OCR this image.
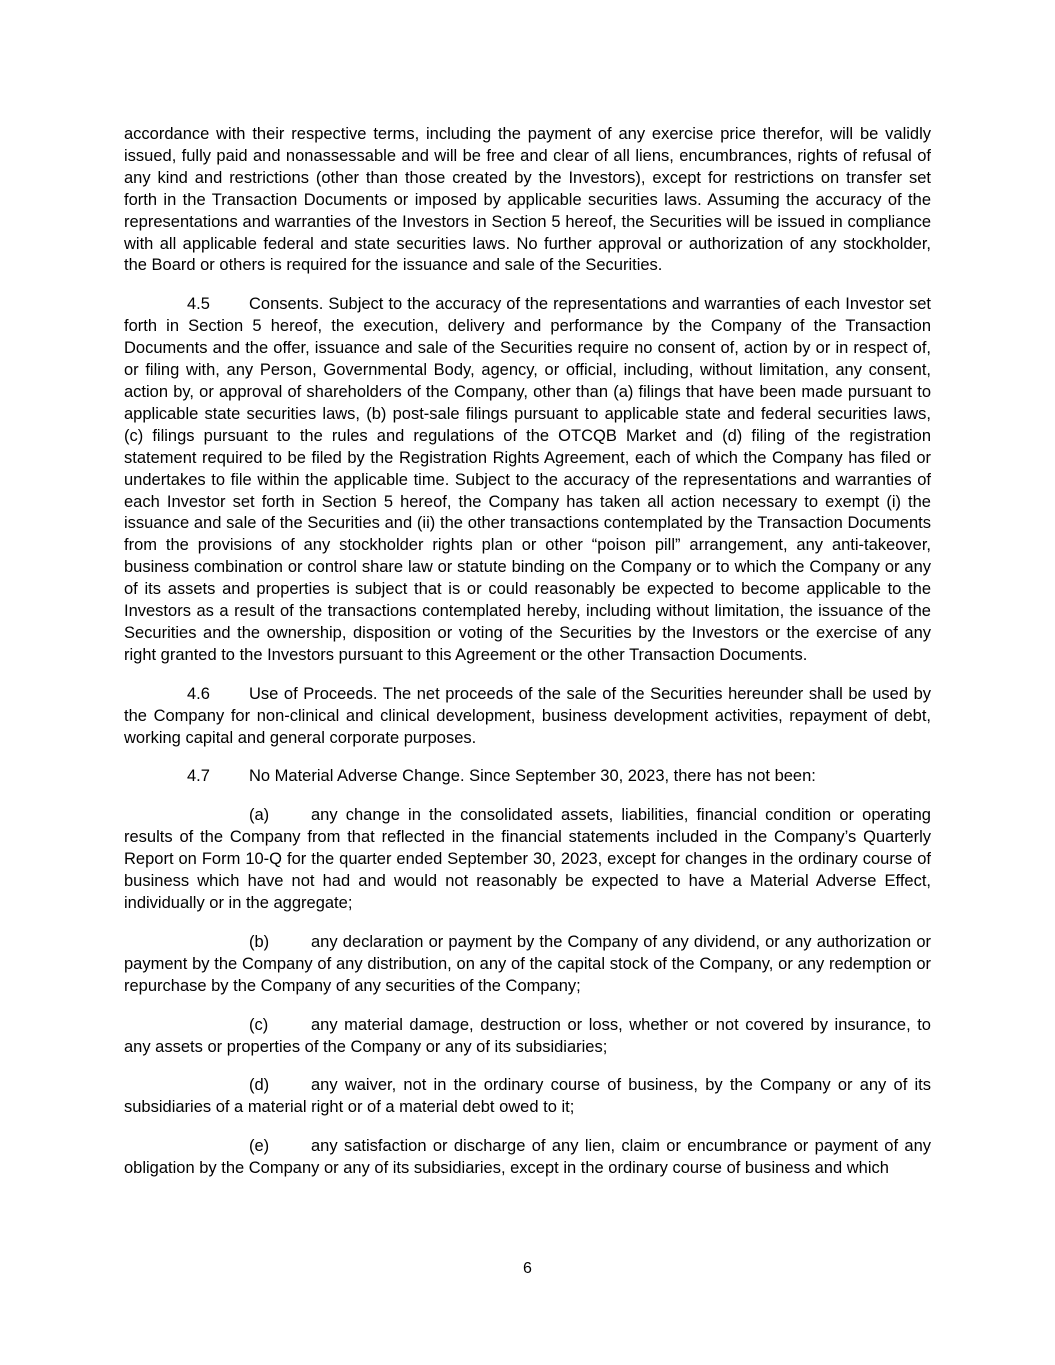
accordance with their respective terms, including the payment of any exercise price therefor, will be validly issued, fully paid and nonassessable and will be free and clear of all liens, encumbrances, rights of refusal of any kind and restrictions (other than those created by the Investors), except for restrictions on transfer set forth in the Transaction Documents or imposed by applicable securities laws. Assuming the accuracy of the representations and warranties of the Investors in Section 5 hereof, the Securities will be issued in compliance with all applicable federal and state securities laws. No further approval or authorization of any stockholder, the Board or others is required for the issuance and sale of the Securities.

4.5 Consents. Subject to the accuracy of the representations and warranties of each Investor set forth in Section 5 hereof, the execution, delivery and performance by the Company of the Transaction Documents and the offer, issuance and sale of the Securities require no consent of, action by or in respect of, or filing with, any Person, Governmental Body, agency, or official, including, without limitation, any consent, action by, or approval of shareholders of the Company, other than (a) filings that have been made pursuant to applicable state securities laws, (b) post-sale filings pursuant to applicable state and federal securities laws, (c) filings pursuant to the rules and regulations of the OTCQB Market and (d) filing of the registration statement required to be filed by the Registration Rights Agreement, each of which the Company has filed or undertakes to file within the applicable time. Subject to the accuracy of the representations and warranties of each Investor set forth in Section 5 hereof, the Company has taken all action necessary to exempt (i) the issuance and sale of the Securities and (ii) the other transactions contemplated by the Transaction Documents from the provisions of any stockholder rights plan or other “poison pill” arrangement, any anti-takeover, business combination or control share law or statute binding on the Company or to which the Company or any of its assets and properties is subject that is or could reasonably be expected to become applicable to the Investors as a result of the transactions contemplated hereby, including without limitation, the issuance of the Securities and the ownership, disposition or voting of the Securities by the Investors or the exercise of any right granted to the Investors pursuant to this Agreement or the other Transaction Documents.

4.6 Use of Proceeds. The net proceeds of the sale of the Securities hereunder shall be used by the Company for non-clinical and clinical development, business development activities, repayment of debt, working capital and general corporate purposes.

4.7 No Material Adverse Change. Since September 30, 2023, there has not been:

(a)	any change in the consolidated assets, liabilities, financial condition or operating results of the Company from that reflected in the financial statements included in the Company’s Quarterly Report on Form 10-Q for the quarter ended September 30, 2023, except for changes in the ordinary course of business which have not had and would not reasonably be expected to have a Material Adverse Effect, individually or in the aggregate;

(b)	any declaration or payment by the Company of any dividend, or any authorization or payment by the Company of any distribution, on any of the capital stock of the Company, or any redemption or repurchase by the Company of any securities of the Company;

(c)	any material damage, destruction or loss, whether or not covered by insurance, to any assets or properties of the Company or any of its subsidiaries;

(d)	any waiver, not in the ordinary course of business, by the Company or any of its subsidiaries of a material right or of a material debt owed to it;

(e)	any satisfaction or discharge of any lien, claim or encumbrance or payment of any obligation by the Company or any of its subsidiaries, except in the ordinary course of business and which

6
